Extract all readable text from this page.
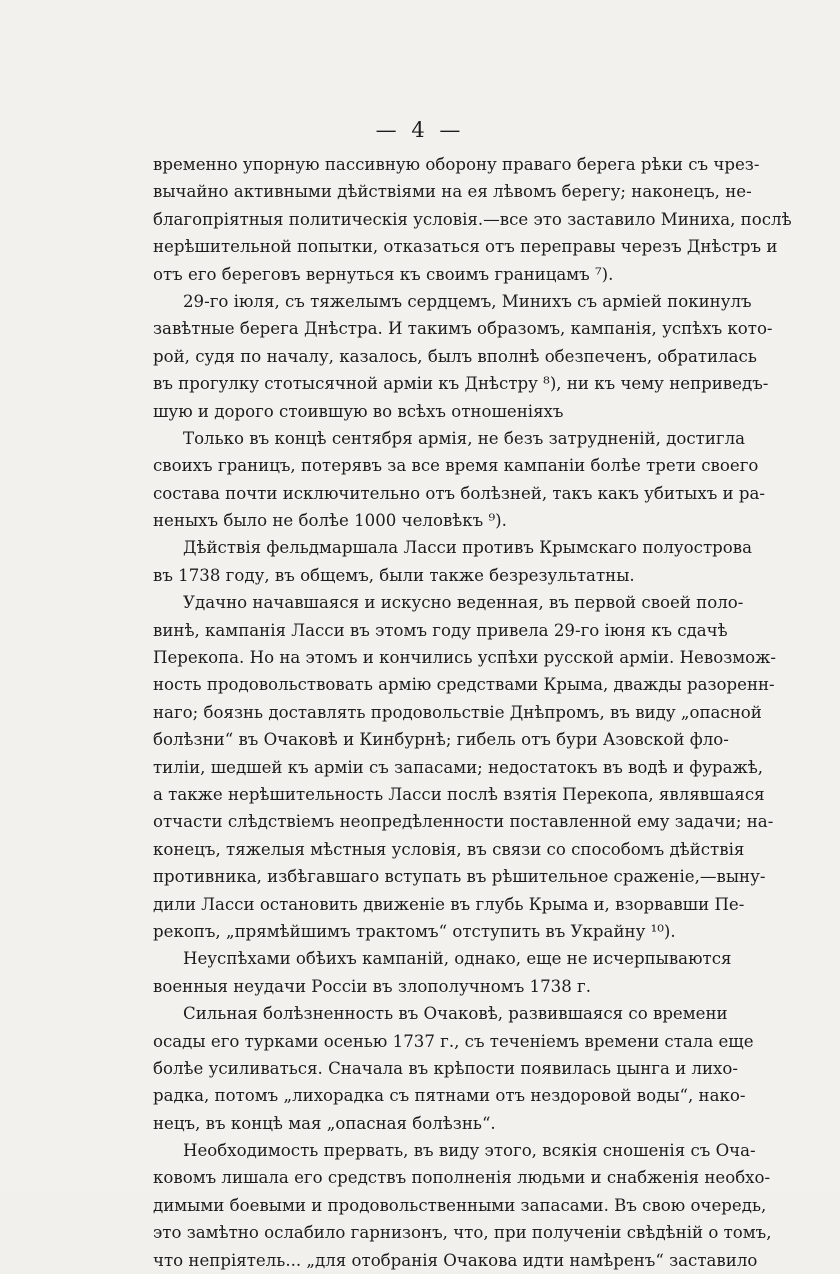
— 4 —
временно упорную пассивную оборону праваго берега рѣки съ чрез-
вычайно активными дѣйствіями на ея лѣвомъ берегу; наконецъ, не-
благопріятныя политическія условія.—все это заставило Миниха, послѣ
нерѣшительной попытки, отказаться отъ переправы черезъ Днѣстръ и
отъ его береговъ вернуться къ своимъ границамъ ⁷).
29-го іюля, съ тяжелымъ сердцемъ, Минихъ съ арміей покинулъ
завѣтные берега Днѣстра. И такимъ образомъ, кампанія, успѣхъ кото-
рой, судя по началу, казалось, былъ вполнѣ обезпеченъ, обратилась
въ прогулку стотысячной арміи къ Днѣстру ⁸), ни къ чему неприведъ-
шую и дорого стоившую во всѣхъ отношеніяхъ
Только въ концѣ сентября армія, не безъ затрудненій, достигла
своихъ границъ, потерявъ за все время кампаніи болѣе трети своего
состава почти исключительно отъ болѣзней, такъ какъ убитыхъ и ра-
неныхъ было не болѣе 1000 человѣкъ ⁹).
Дѣйствія фельдмаршала Ласси противъ Крымскаго полуострова
въ 1738 году, въ общемъ, были также безрезультатны.
Удачно начавшаяся и искусно веденная, въ первой своей поло-
винѣ, кампанія Ласси въ этомъ году привела 29-го іюня къ сдачѣ
Перекопа. Но на этомъ и кончились успѣхи русской арміи. Невозмож-
ность продовольствовать армію средствами Крыма, дважды разоренн-
наго; боязнь доставлять продовольствіе Днѣпромъ, въ виду „опасной
болѣзни“ въ Очаковѣ и Кинбурнѣ; гибель отъ бури Азовской фло-
тиліи, шедшей къ арміи съ запасами; недостатокъ въ водѣ и фуражѣ,
а также нерѣшительность Ласси послѣ взятія Перекопа, являвшаяся
отчасти слѣдствіемъ неопредѣленности поставленной ему задачи; на-
конецъ, тяжелыя мѣстныя условія, въ связи со способомъ дѣйствія
противника, избѣгавшаго вступать въ рѣшительное сраженіе,—выну-
дили Ласси остановить движеніе въ глубь Крыма и, взорвавши Пе-
рекопъ, „прямѣйшимъ трактомъ“ отступить въ Украйну ¹⁰).
Неуспѣхами обѣихъ кампаній, однако, еще не исчерпываются
военныя неудачи Россіи въ злополучномъ 1738 г.
Сильная болѣзненность въ Очаковѣ, развившаяся со времени
осады его турками осенью 1737 г., съ теченіемъ времени стала еще
болѣе усиливаться. Сначала въ крѣпости появилась цынга и лихо-
радка, потомъ „лихорадка съ пятнами отъ нездоровой воды“, нако-
нецъ, въ концѣ мая „опасная болѣзнь“.
Необходимость прервать, въ виду этого, всякія сношенія съ Оча-
ковомъ лишала его средствъ пополненія людьми и снабженія необхо-
димыми боевыми и продовольственными запасами. Въ свою очередь,
это замѣтно ослабило гарнизонъ, что, при полученіи свѣдѣній о томъ,
что непріятель... „для отобранія Очакова идти намѣренъ“ заставило
